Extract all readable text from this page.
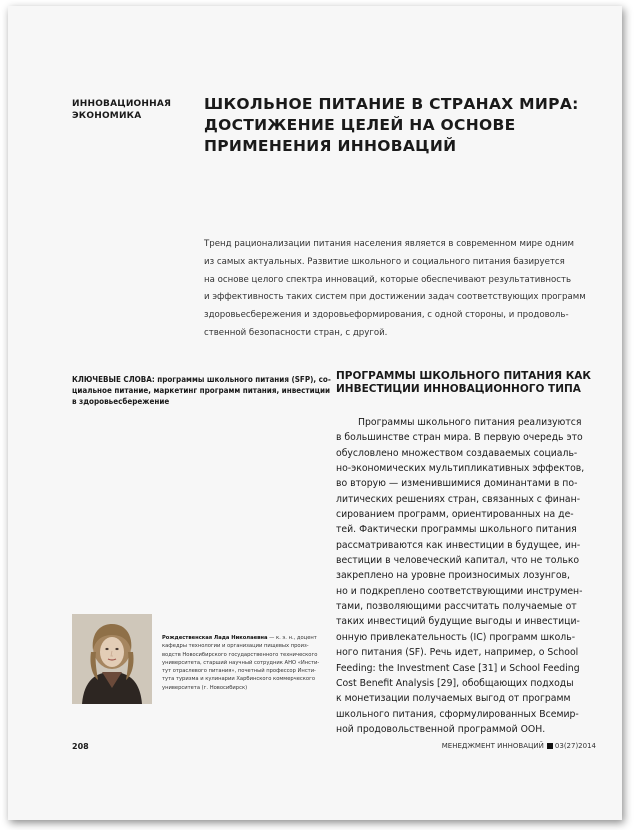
ИННОВАЦИОННАЯ
ЭКОНОМИКА
ШКОЛЬНОЕ ПИТАНИЕ В СТРАНАХ МИРА:
ДОСТИЖЕНИЕ ЦЕЛЕЙ НА ОСНОВЕ
ПРИМЕНЕНИЯ ИННОВАЦИЙ
Тренд рационализации питания населения является в современном мире одним
из самых актуальных. Развитие школьного и социального питания базируется
на основе целого спектра инноваций, которые обеспечивают результативность
и эффективность таких систем при достижении задач соответствующих программ
здоровьесбережения и здоровьеформирования, с одной стороны, и продоволь-
ственной безопасности стран, с другой.
КЛЮЧЕВЫЕ СЛОВА: программы школьного питания (SFP), со-
циальное питание, маркетинг программ питания, инвестиции
в здоровьесбережение
ПРОГРАММЫ ШКОЛЬНОГО ПИТАНИЯ КАК
ИНВЕСТИЦИИ ИННОВАЦИОННОГО ТИПА
Программы школьного питания реализуются
в большинстве стран мира. В первую очередь это
обусловлено множеством создаваемых социаль-
но-экономических мультипликативных эффектов,
во вторую — изменившимися доминантами в по-
литических решениях стран, связанных с финан-
сированием программ, ориентированных на де-
тей. Фактически программы школьного питания
рассматриваются как инвестиции в будущее, ин-
вестиции в человеческий капитал, что не только
закреплено на уровне произносимых лозунгов,
но и подкреплено соответствующими инструмен-
тами, позволяющими рассчитать получаемые от
таких инвестиций будущие выгоды и инвестици-
онную привлекательность (IC) программ школь-
ного питания (SF). Речь идет, например, о School
Feeding: the Investment Case [31] и School Feeding
Cost Benefit Analysis [29], обобщающих подходы
к монетизации получаемых выгод от программ
школьного питания, сформулированных Всемир-
ной продовольственной программой ООН.
Рождественская Лада Николаевна — к. э. н., доцент
кафедры технологии и организации пищевых произ-
водств Новосибирского государственного технического
университета, старший научный сотрудник АНО «Инсти-
тут отраслевого питания», почетный профессор Инсти-
тута туризма и кулинарии Харбинского коммерческого
университета (г. Новосибирск)
208	МЕНЕДЖМЕНТ ИННОВАЦИЙ 03(27)2014
